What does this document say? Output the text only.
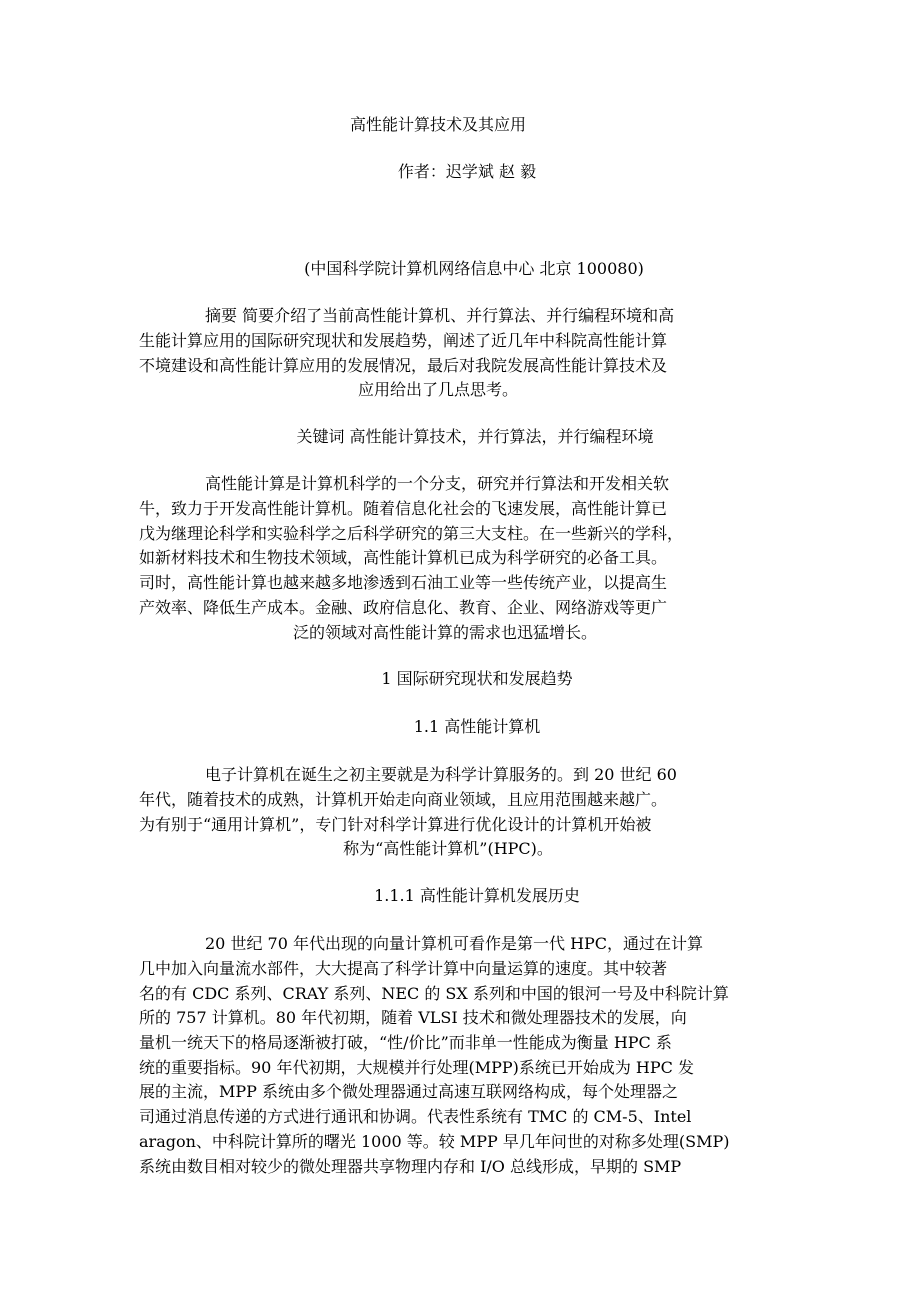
高性能计算技术及其应用
作者：迟学斌 赵 毅
(中国科学院计算机网络信息中心 北京 100080)
摘要 简要介绍了当前高性能计算机、并行算法、并行编程环境和高
生能计算应用的国际研究现状和发展趋势，阐述了近几年中科院高性能计算
不境建设和高性能计算应用的发展情况，最后对我院发展高性能计算技术及
应用给出了几点思考。
关键词 高性能计算技术，并行算法，并行编程环境
高性能计算是计算机科学的一个分支，研究并行算法和开发相关软
牛，致力于开发高性能计算机。随着信息化社会的飞速发展，高性能计算已
戊为继理论科学和实验科学之后科学研究的第三大支柱。在一些新兴的学科，
如新材料技术和生物技术领域，高性能计算机已成为科学研究的必备工具。
司时，高性能计算也越来越多地渗透到石油工业等一些传统产业，以提高生
产效率、降低生产成本。金融、政府信息化、教育、企业、网络游戏等更广
泛的领域对高性能计算的需求也迅猛增长。
1 国际研究现状和发展趋势
1.1 高性能计算机
电子计算机在诞生之初主要就是为科学计算服务的。到 20 世纪 60
年代，随着技术的成熟，计算机开始走向商业领域，且应用范围越来越广。
为有别于“通用计算机”，专门针对科学计算进行优化设计的计算机开始被
称为“高性能计算机”(HPC)。
1.1.1 高性能计算机发展历史
20 世纪 70 年代出现的向量计算机可看作是第一代 HPC，通过在计算
几中加入向量流水部件，大大提高了科学计算中向量运算的速度。其中较著
名的有 CDC 系列、CRAY 系列、NEC 的 SX 系列和中国的银河一号及中科院计算
所的 757 计算机。80 年代初期，随着 VLSI 技术和微处理器技术的发展，向
量机一统天下的格局逐渐被打破，“性/价比”而非单一性能成为衡量 HPC 系
统的重要指标。90 年代初期，大规模并行处理(MPP)系统已开始成为 HPC 发
展的主流，MPP 系统由多个微处理器通过高速互联网络构成，每个处理器之
司通过消息传递的方式进行通讯和协调。代表性系统有 TMC 的 CM-5、Intel
aragon、中科院计算所的曙光 1000 等。较 MPP 早几年问世的对称多处理(SMP)
系统由数目相对较少的微处理器共享物理内存和 I/O 总线形成，早期的 SMP
